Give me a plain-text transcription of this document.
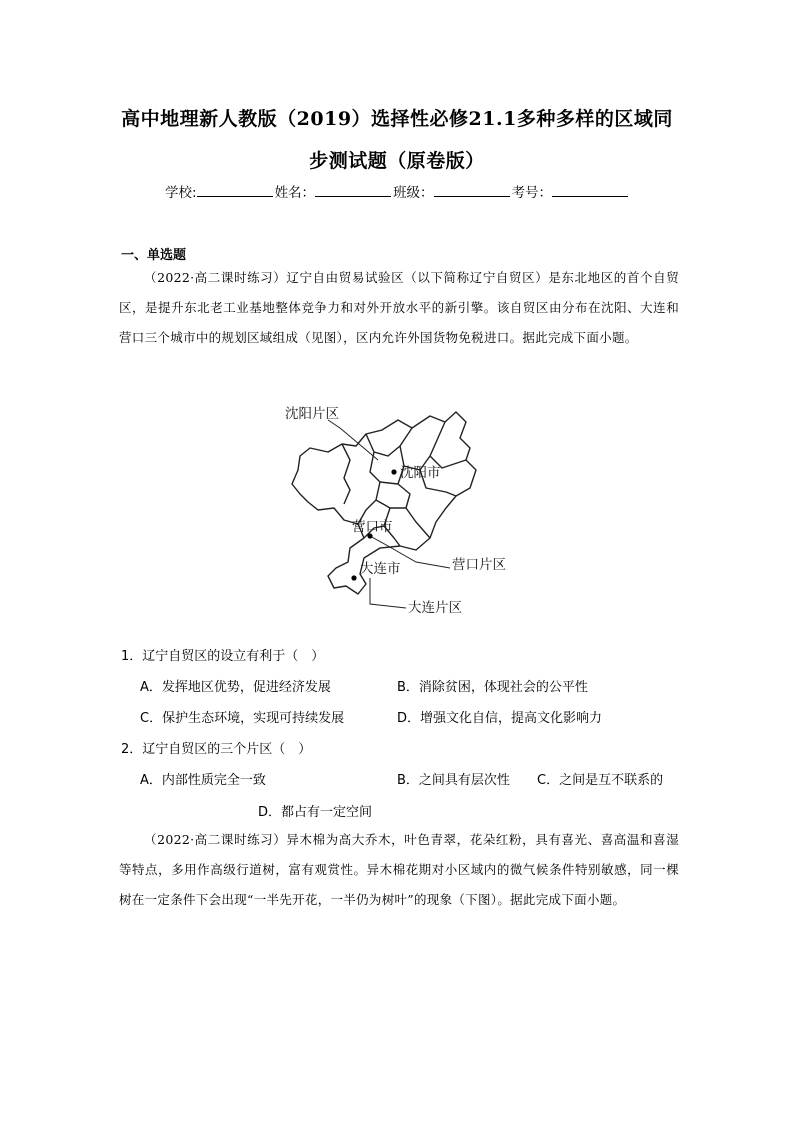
高中地理新人教版（2019）选择性必修21.1多种多样的区域同
步测试题（原卷版）
学校:	姓名：	班级：	考号：
一、单选题
（2022·高二课时练习）辽宁自由贸易试验区（以下简称辽宁自贸区）是东北地区的首个自贸区，是提升东北老工业基地整体竞争力和对外开放水平的新引擎。该自贸区由分布在沈阳、大连和营口三个城市中的规划区域组成（见图），区内允许外国货物免税进口。据此完成下面小题。
沈阳片区
沈阳市
营口市
营口片区
大连市
大连片区
1．辽宁自贸区的设立有利于（　）
A．发挥地区优势，促进经济发展	B．消除贫困，体现社会的公平性
C．保护生态环境，实现可持续发展	D．增强文化自信，提高文化影响力
2．辽宁自贸区的三个片区（　）
A．内部性质完全一致	B．之间具有层次性 C．之间是互不联系的
D．都占有一定空间
（2022·高二课时练习）异木棉为高大乔木，叶色青翠，花朵红粉，具有喜光、喜高温和喜湿等特点，多用作高级行道树，富有观赏性。异木棉花期对小区域内的微气候条件特别敏感，同一棵树在一定条件下会出现“一半先开花，一半仍为树叶”的现象（下图）。据此完成下面小题。
